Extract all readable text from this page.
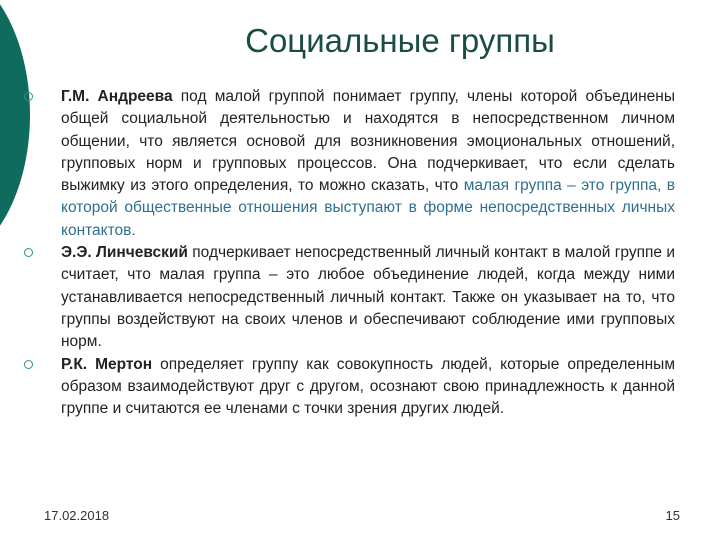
Социальные группы
Г.М. Андреева под малой группой понимает группу, члены которой объединены общей социальной деятельностью и находятся в непосредственном личном общении, что является основой для возникновения эмоциональных отношений, групповых норм и групповых процессов. Она подчеркивает, что если сделать выжимку из этого определения, то можно сказать, что малая группа – это группа, в которой общественные отношения выступают в форме непосредственных личных контактов.
Э.Э. Линчевский подчеркивает непосредственный личный контакт в малой группе и считает, что малая группа – это любое объединение людей, когда между ними устанавливается непосредственный личный контакт. Также он указывает на то, что группы воздействуют на своих членов и обеспечивают соблюдение ими групповых норм.
Р.К. Мертон определяет группу как совокупность людей, которые определенным образом взаимодействуют друг с другом, осознают свою принадлежность к данной группе и считаются ее членами с точки зрения других людей.
17.02.2018	15
